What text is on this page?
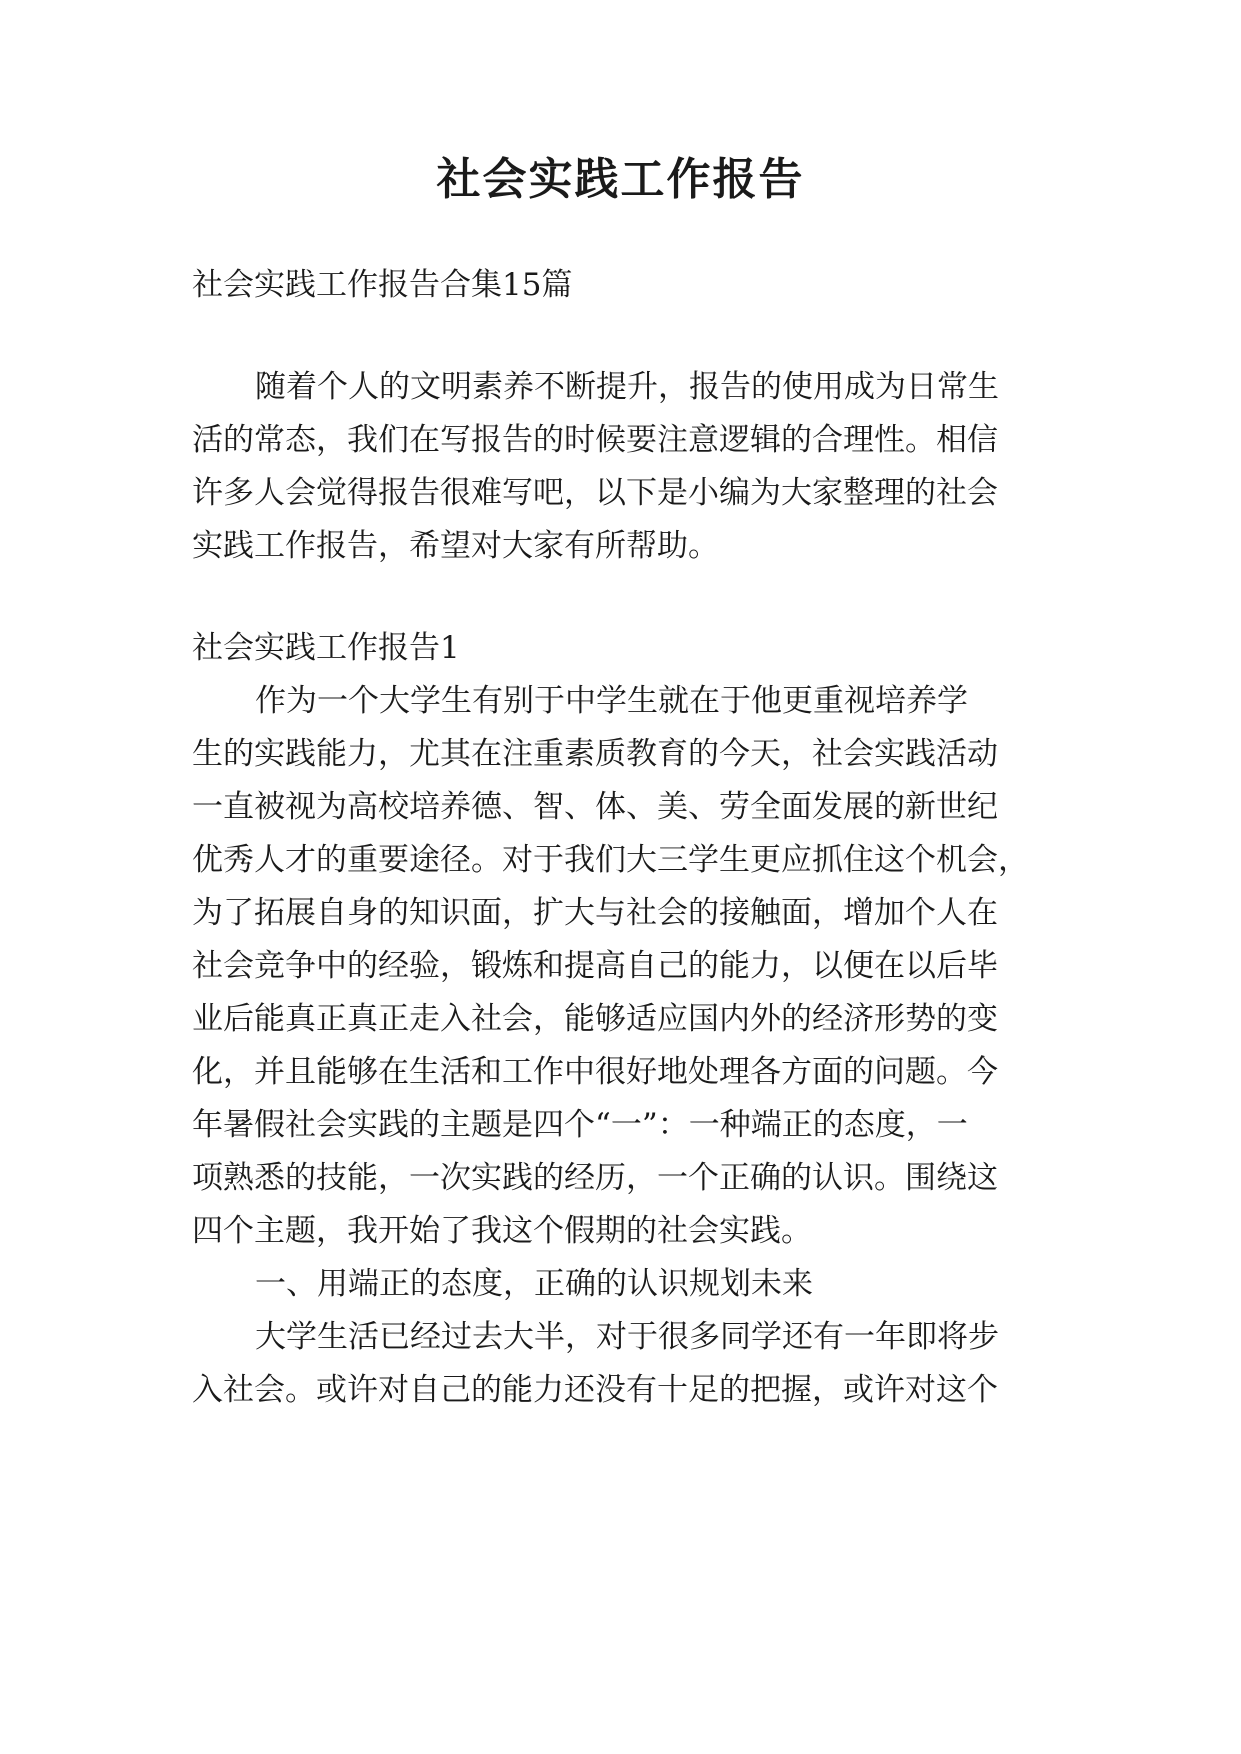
社会实践工作报告

社会实践工作报告合集15篇

随着个人的文明素养不断提升，报告的使用成为日常生

活的常态，我们在写报告的时候要注意逻辑的合理性。相信

许多人会觉得报告很难写吧，以下是小编为大家整理的社会

实践工作报告，希望对大家有所帮助。

社会实践工作报告1

作为一个大学生有别于中学生就在于他更重视培养学

生的实践能力，尤其在注重素质教育的今天，社会实践活动

一直被视为高校培养德、智、体、美、劳全面发展的新世纪

优秀人才的重要途径。对于我们大三学生更应抓住这个机会，

为了拓展自身的知识面，扩大与社会的接触面，增加个人在

社会竞争中的经验，锻炼和提高自己的能力，以便在以后毕

业后能真正真正走入社会，能够适应国内外的经济形势的变

化，并且能够在生活和工作中很好地处理各方面的问题。今

年暑假社会实践的主题是四个“一”：一种端正的态度，一

项熟悉的技能，一次实践的经历，一个正确的认识。围绕这

四个主题，我开始了我这个假期的社会实践。

一、用端正的态度，正确的认识规划未来

大学生活已经过去大半，对于很多同学还有一年即将步

入社会。或许对自己的能力还没有十足的把握，或许对这个
